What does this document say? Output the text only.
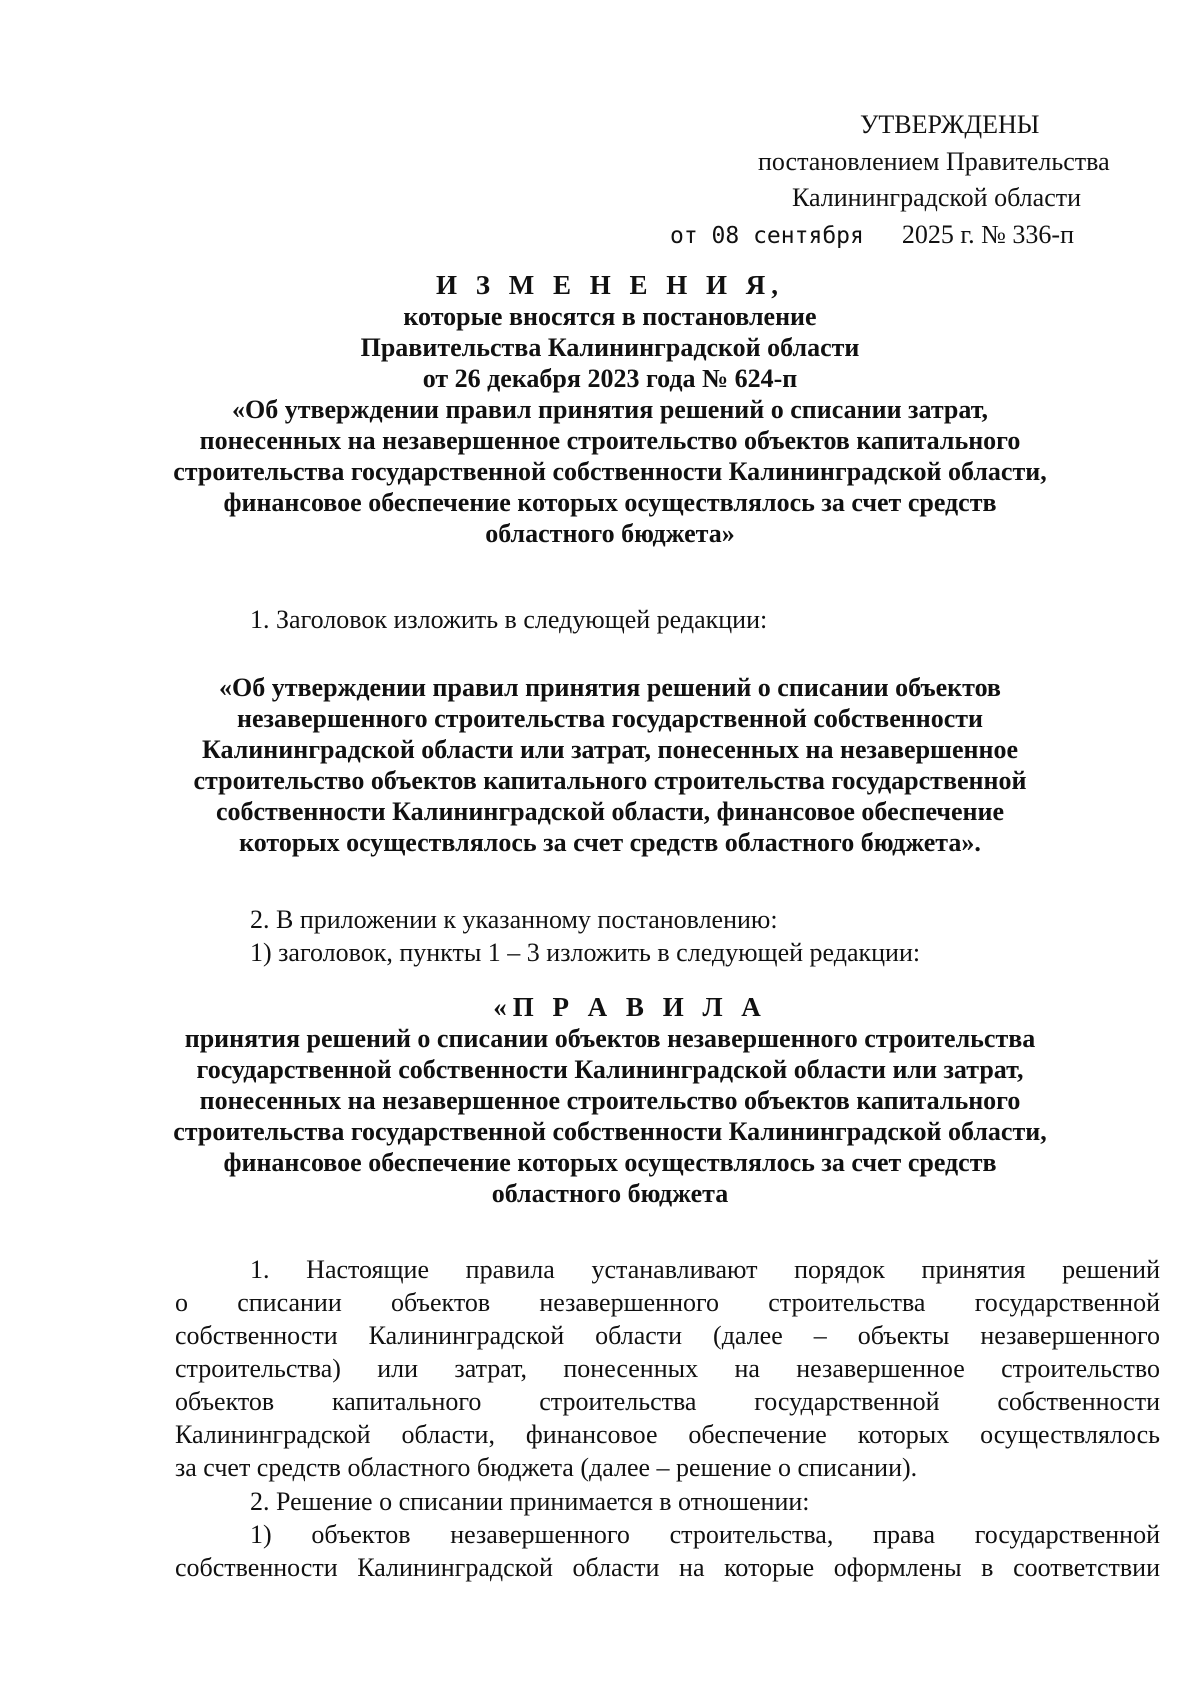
УТВЕРЖДЕНЫ
постановлением Правительства
Калининградской области
от 08 сентября 2025 г. № 336-п
И З М Е Н Е Н И Я,
которые вносятся в постановление
Правительства Калининградской области
от 26 декабря 2023 года № 624-п
«Об утверждении правил принятия решений о списании затрат,
понесенных на незавершенное строительство объектов капитального
строительства государственной собственности Калининградской области,
финансовое обеспечение которых осуществлялось за счет средств
областного бюджета»
1. Заголовок изложить в следующей редакции:
«Об утверждении правил принятия решений о списании объектов
незавершенного строительства государственной собственности
Калининградской области или затрат, понесенных на незавершенное
строительство объектов капитального строительства государственной
собственности Калининградской области, финансовое обеспечение
которых осуществлялось за счет средств областного бюджета».
2. В приложении к указанному постановлению:
1) заголовок, пункты 1 – 3 изложить в следующей редакции:
«П Р А В И Л А
принятия решений о списании объектов незавершенного строительства
государственной собственности Калининградской области или затрат,
понесенных на незавершенное строительство объектов капитального
строительства государственной собственности Калининградской области,
финансовое обеспечение которых осуществлялось за счет средств
областного бюджета
1. Настоящие правила устанавливают порядок принятия решений
о списании объектов незавершенного строительства государственной
собственности Калининградской области (далее – объекты незавершенного
строительства) или затрат, понесенных на незавершенное строительство
объектов капитального строительства государственной собственности
Калининградской области, финансовое обеспечение которых осуществлялось
за счет средств областного бюджета (далее – решение о списании).
2. Решение о списании принимается в отношении:
1) объектов незавершенного строительства, права государственной
собственности Калининградской области на которые оформлены в соответствии
